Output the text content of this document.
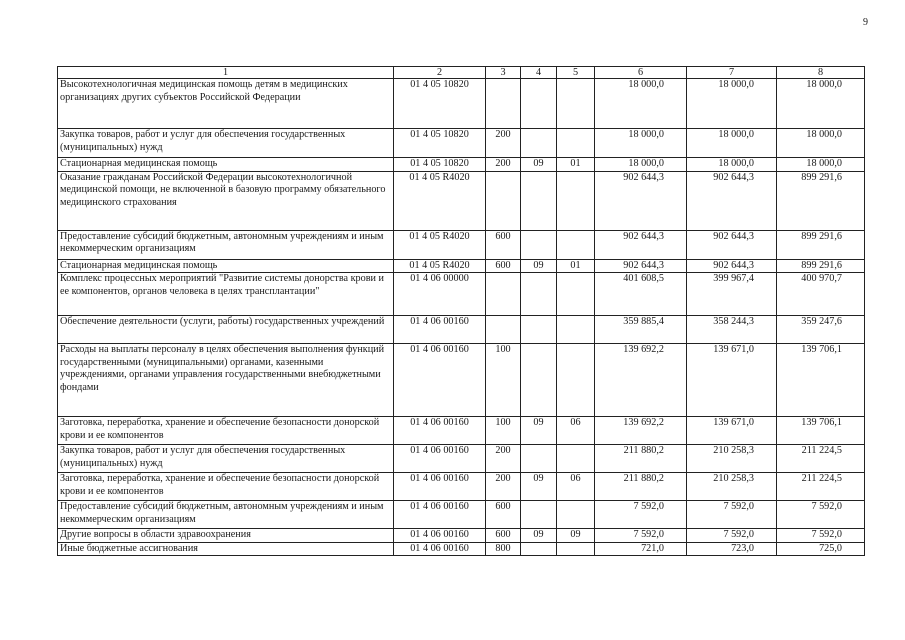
9
1	2	3	4	5	6	7	8
Высокотехнологичная медицинская помощь детям в медицинских организациях других субъектов Российской Федерации	01 4 05 10820				18 000,0	18 000,0	18 000,0
Закупка товаров, работ и услуг для обеспечения государственных (муниципальных) нужд	01 4 05 10820	200			18 000,0	18 000,0	18 000,0
Стационарная медицинская помощь	01 4 05 10820	200	09	01	18 000,0	18 000,0	18 000,0
Оказание гражданам Российской Федерации высокотехнологичной медицинской помощи, не включенной в базовую программу обязательного медицинского страхования	01 4 05 R4020				902 644,3	902 644,3	899 291,6
Предоставление субсидий бюджетным, автономным учреждениям и иным некоммерческим организациям	01 4 05 R4020	600			902 644,3	902 644,3	899 291,6
Стационарная медицинская помощь	01 4 05 R4020	600	09	01	902 644,3	902 644,3	899 291,6
Комплекс процессных мероприятий "Развитие системы донорства крови и ее компонентов, органов человека в целях трансплантации"	01 4 06 00000				401 608,5	399 967,4	400 970,7
Обеспечение деятельности (услуги, работы) государственных учреждений	01 4 06 00160				359 885,4	358 244,3	359 247,6
Расходы на выплаты персоналу в целях обеспечения выполнения функций государственными (муниципальными) органами, казенными учреждениями, органами управления государственными внебюджетными фондами	01 4 06 00160	100			139 692,2	139 671,0	139 706,1
Заготовка, переработка, хранение и обеспечение безопасности донорской крови и ее компонентов	01 4 06 00160	100	09	06	139 692,2	139 671,0	139 706,1
Закупка товаров, работ и услуг для обеспечения государственных (муниципальных) нужд	01 4 06 00160	200			211 880,2	210 258,3	211 224,5
Заготовка, переработка, хранение и обеспечение безопасности донорской крови и ее компонентов	01 4 06 00160	200	09	06	211 880,2	210 258,3	211 224,5
Предоставление субсидий бюджетным, автономным учреждениям и иным некоммерческим организациям	01 4 06 00160	600			7 592,0	7 592,0	7 592,0
Другие вопросы в области здравоохранения	01 4 06 00160	600	09	09	7 592,0	7 592,0	7 592,0
Иные бюджетные ассигнования	01 4 06 00160	800			721,0	723,0	725,0
